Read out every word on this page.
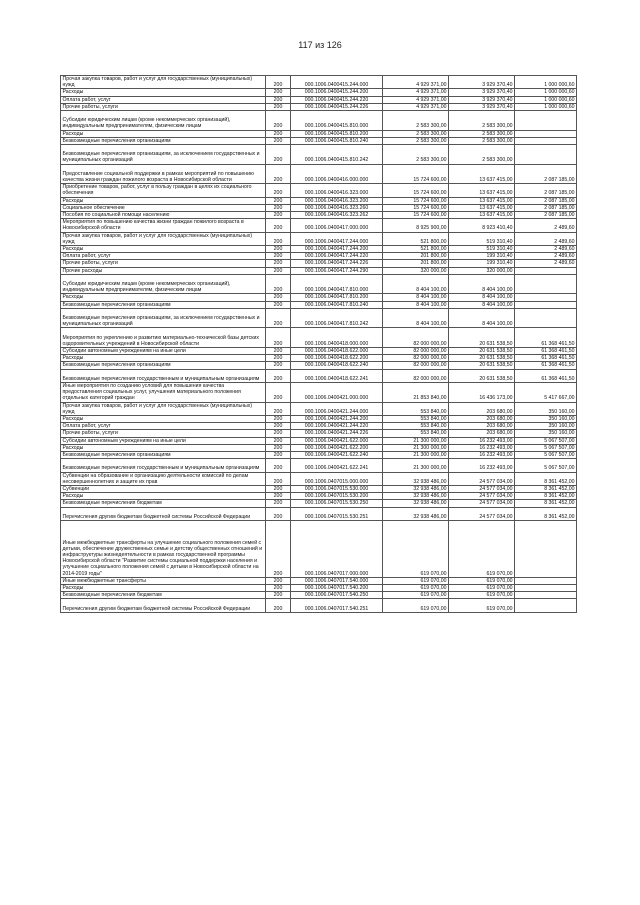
117 из 126
Прочая закупка товаров, работ и услуг для государственных (муниципальных) нужд	200	000.1006.0400415.244.000	4 929 371,00	3 929 370,40	1 000 000,60
Расходы	200	000.1006.0400415.244.200	4 929 371,00	3 929 370,40	1 000 000,60
Оплата работ, услуг	200	000.1006.0400415.244.220	4 929 371,00	3 929 370,40	1 000 000,60
Прочие работы, услуги	200	000.1006.0400415.244.226	4 929 371,00	3 929 370,40	1 000 000,60
Субсидии юридическим лицам (кроме некоммерческих организаций), индивидуальным предпринимателям, физическим лицам	200	000.1006.0400415.810.000	2 583 300,00	2 583 300,00	
Расходы	200	000.1006.0400415.810.200	2 583 300,00	2 583 300,00	
Безвозмездные перечисления организациям	200	000.1006.0400415.810.240	2 583 300,00	2 583 300,00	
Безвозмездные перечисления организациям, за исключением государственных и муниципальных организаций	200	000.1006.0400415.810.242	2 583 300,00	2 583 300,00	
Предоставление социальной поддержки в рамках мероприятий по повышению качества жизни граждан пожилого возраста в Новосибирской области	200	000.1006.0400416.000.000	15 724 600,00	13 637 415,00	2 087 185,00
Приобретение товаров, работ, услуг в пользу граждан в целях их социального обеспечения	200	000.1006.0400416.323.000	15 724 600,00	13 637 415,00	2 087 185,00
Расходы	200	000.1006.0400416.323.200	15 724 600,00	13 637 415,00	2 087 185,00
Социальное обеспечение	200	000.1006.0400416.323.260	15 724 600,00	13 637 415,00	2 087 185,00
Пособия по социальной помощи населению	200	000.1006.0400416.323.262	15 724 600,00	13 637 415,00	2 087 185,00
Мероприятия по повышению качества жизни граждан пожилого возраста в Новосибирской области	200	000.1006.0400417.000.000	8 925 900,00	8 923 410,40	2 489,60
Прочая закупка товаров, работ и услуг для государственных (муниципальных) нужд	200	000.1006.0400417.244.000	521 800,00	519 310,40	2 489,60
Расходы	200	000.1006.0400417.244.200	521 800,00	519 310,40	2 489,60
Оплата работ, услуг	200	000.1006.0400417.244.220	201 800,00	199 310,40	2 489,60
Прочие работы, услуги	200	000.1006.0400417.244.226	201 800,00	199 310,40	2 489,60
Прочие расходы	200	000.1006.0400417.244.290	320 000,00	320 000,00	
Субсидии юридическим лицам (кроме некоммерческих организаций), индивидуальным предпринимателям, физическим лицам	200	000.1006.0400417.810.000	8 404 100,00	8 404 100,00	
Расходы	200	000.1006.0400417.810.200	8 404 100,00	8 404 100,00	
Безвозмездные перечисления организациям	200	000.1006.0400417.810.240	8 404 100,00	8 404 100,00	
Безвозмездные перечисления организациям, за исключением государственных и муниципальных организаций	200	000.1006.0400417.810.242	8 404 100,00	8 404 100,00	
Мероприятия по укреплению и развитию материально-технической базы детских оздоровительных учреждений в Новосибирской области	200	000.1006.0400418.000.000	82 000 000,00	20 631 538,50	61 368 461,50
Субсидии автономным учреждениям на иные цели	200	000.1006.0400418.622.000	82 000 000,00	20 631 538,50	61 368 461,50
Расходы	200	000.1006.0400418.622.200	82 000 000,00	20 631 538,50	61 368 461,50
Безвозмездные перечисления организациям	200	000.1006.0400418.622.240	82 000 000,00	20 631 538,50	61 368 461,50
Безвозмездные перечисления государственным и муниципальным организациям	200	000.1006.0400418.622.241	82 000 000,00	20 631 538,50	61 368 461,50
Иные мероприятия по созданию условий для повышения качества предоставления социальных услуг, улучшения материального положения отдельных категорий граждан	200	000.1006.0400421.000.000	21 853 840,00	16 436 173,00	5 417 667,00
Прочая закупка товаров, работ и услуг для государственных (муниципальных) нужд	200	000.1006.0400421.244.000	553 840,00	203 680,00	350 160,00
Расходы	200	000.1006.0400421.244.200	553 840,00	203 680,00	350 160,00
Оплата работ, услуг	200	000.1006.0400421.244.220	553 840,00	203 680,00	350 160,00
Прочие работы, услуги	200	000.1006.0400421.244.226	553 840,00	203 680,00	350 160,00
Субсидии автономным учреждениям на иные цели	200	000.1006.0400421.622.000	21 300 000,00	16 232 493,00	5 067 507,00
Расходы	200	000.1006.0400421.622.200	21 300 000,00	16 232 493,00	5 067 507,00
Безвозмездные перечисления организациям	200	000.1006.0400421.622.240	21 300 000,00	16 232 493,00	5 067 507,00
Безвозмездные перечисления государственным и муниципальным организациям	200	000.1006.0400421.622.241	21 300 000,00	16 232 493,00	5 067 507,00
Субвенции на образование и организацию деятельности комиссий по делам несовершеннолетних и защите их прав	200	000.1006.0407015.000.000	32 938 486,00	24 577 034,00	8 361 452,00
Субвенции	200	000.1006.0407015.530.000	32 938 486,00	24 577 034,00	8 361 452,00
Расходы	200	000.1006.0407015.530.200	32 938 486,00	24 577 034,00	8 361 452,00
Безвозмездные перечисления бюджетам	200	000.1006.0407015.530.250	32 938 486,00	24 577 034,00	8 361 452,00
Перечисления другим бюджетам бюджетной системы Российской Федерации	200	000.1006.0407015.530.251	32 938 486,00	24 577 034,00	8 361 452,00
Иные межбюджетные трансферты на улучшение социального положения семей с детьми, обеспечение дружественных семье и детству общественных отношений и инфраструктуры жизнедеятельности в рамках государственной программы Новосибирской области "Развитие системы социальной поддержки населения и улучшение социального положения семей с детьми в Новосибирской области на 2014-2019 годы"	200	000.1006.0407017.000.000	619 070,00	619 070,00	
Иные межбюджетные трансферты	200	000.1006.0407017.540.000	619 070,00	619 070,00	
Расходы	200	000.1006.0407017.540.200	619 070,00	619 070,00	
Безвозмездные перечисления бюджетам	200	000.1006.0407017.540.250	619 070,00	619 070,00	
Перечисления другим бюджетам бюджетной системы Российской Федерации	200	000.1006.0407017.540.251	619 070,00	619 070,00	
